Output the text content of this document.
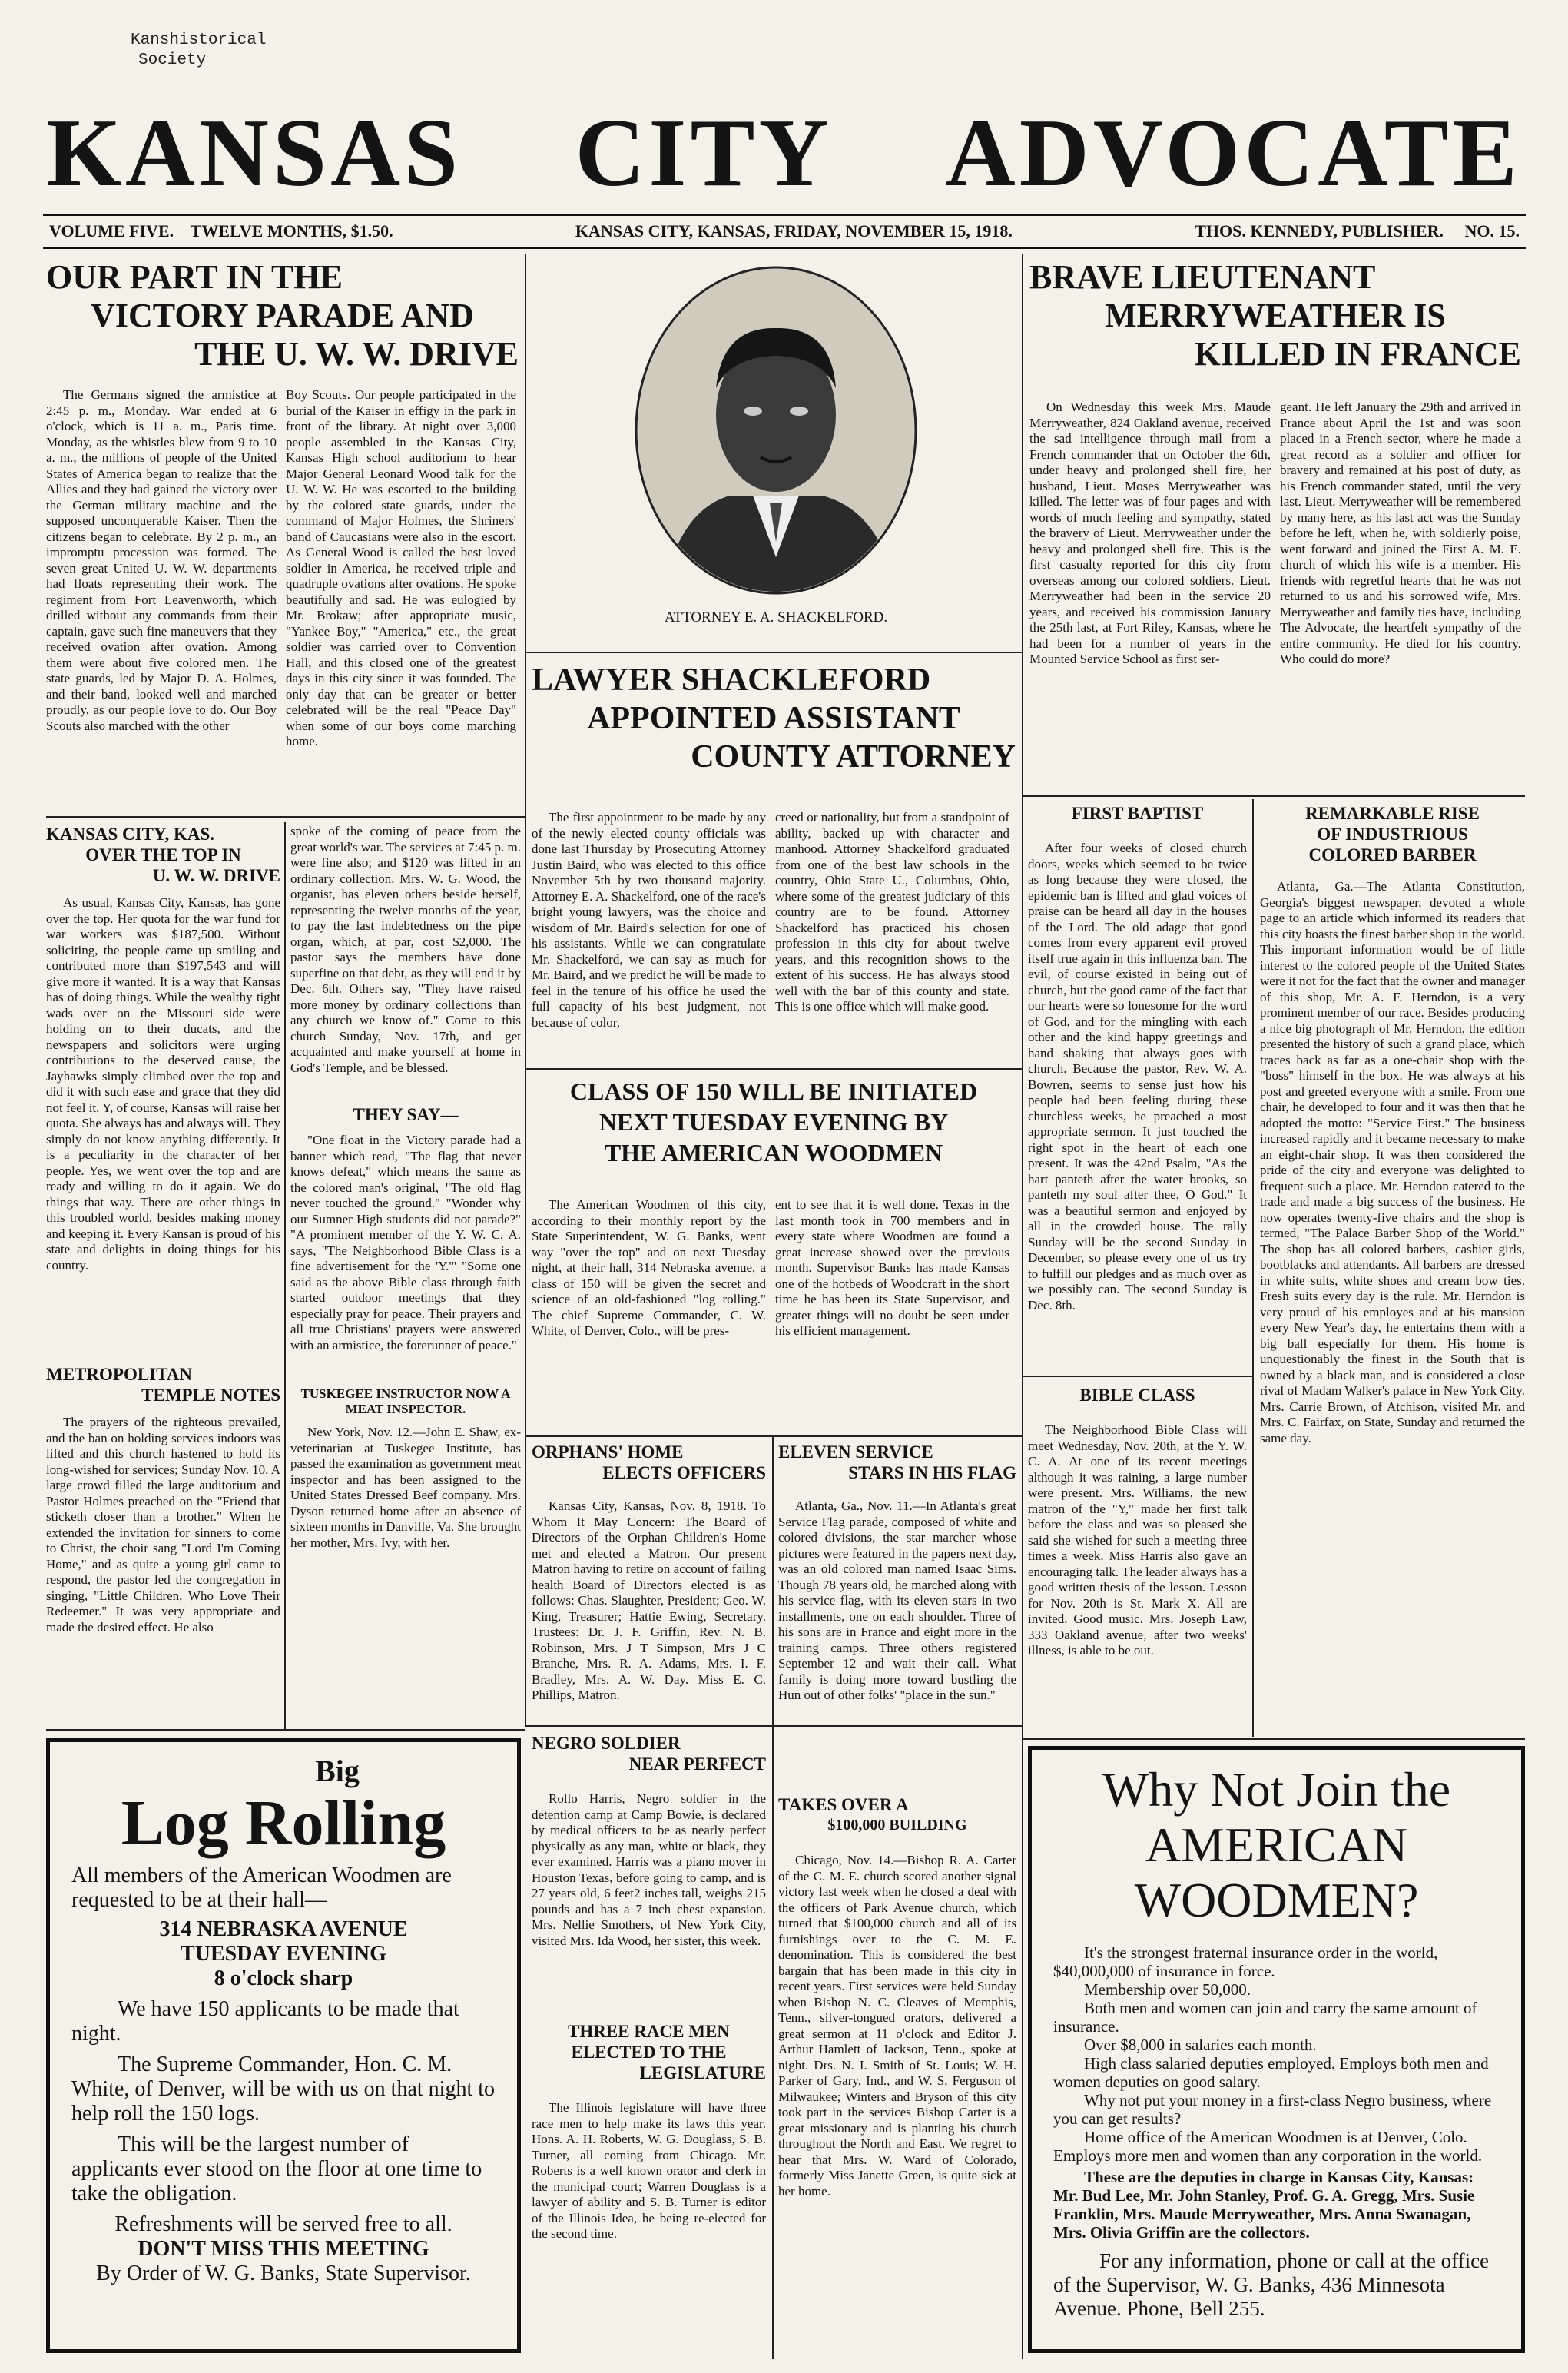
Kanshistorical
Society
KANSAS CITY ADVOCATE
VOLUME FIVE. TWELVE MONTHS, $1.50.	KANSAS CITY, KANSAS, FRIDAY, NOVEMBER 15, 1918.	THOS. KENNEDY, PUBLISHER. NO. 15.
OUR PART IN THE
VICTORY PARADE AND
THE U. W. W. DRIVE
The Germans signed the armistice at 2:45 p. m., Monday. War ended at 6 o'clock, which is 11 a. m., Paris time. Monday, as the whistles blew from 9 to 10 a. m., the millions of people of the United States of America began to realize that the Allies and they had gained the victory over the German military machine and the supposed unconquerable Kaiser. Then the citizens began to celebrate. By 2 p. m., an impromptu procession was formed. The seven great United U. W. W. departments had floats representing their work. The regiment from Fort Leavenworth, which drilled without any commands from their captain, gave such fine maneuvers that they received ovation after ovation. Among them were about five colored men. The state guards, led by Major D. A. Holmes, and their band, looked well and marched proudly, as our people love to do. Our Boy Scouts also marched with the other
Boy Scouts. Our people participated in the burial of the Kaiser in effigy in the park in front of the library. At night over 3,000 people assembled in the Kansas City, Kansas High school auditorium to hear Major General Leonard Wood talk for the U. W. W. He was escorted to the building by the colored state guards, under the command of Major Holmes, the Shriners' band of Caucasians were also in the escort. As General Wood is called the best loved soldier in America, he received triple and quadruple ovations after ovations. He spoke beautifully and sad. He was eulogied by Mr. Brokaw; after appropriate music, "Yankee Boy," "America," etc., the great soldier was carried over to Convention Hall, and this closed one of the greatest days in this city since it was founded. The only day that can be greater or better celebrated will be the real "Peace Day" when some of our boys come marching home.
ATTORNEY E. A. SHACKELFORD.
BRAVE LIEUTENANT
MERRYWEATHER IS
KILLED IN FRANCE
On Wednesday this week Mrs. Maude Merryweather, 824 Oakland avenue, received the sad intelligence through mail from a French commander that on October the 6th, under heavy and prolonged shell fire, her husband, Lieut. Moses Merryweather was killed. The letter was of four pages and with words of much feeling and sympathy, stated the bravery of Lieut. Merryweather under the heavy and prolonged shell fire. This is the first casualty reported for this city from overseas among our colored soldiers. Lieut. Merryweather had been in the service 20 years, and received his commission January the 25th last, at Fort Riley, Kansas, where he had been for a number of years in the Mounted Service School as first ser-
geant. He left January the 29th and arrived in France about April the 1st and was soon placed in a French sector, where he made a great record as a soldier and officer for bravery and remained at his post of duty, as his French commander stated, until the very last. Lieut. Merryweather will be remembered by many here, as his last act was the Sunday before he left, when he, with soldierly poise, went forward and joined the First A. M. E. church of which his wife is a member. His friends with regretful hearts that he was not returned to us and his sorrowed wife, Mrs. Merryweather and family ties have, including The Advocate, the heartfelt sympathy of the entire community. He died for his country. Who could do more?
KANSAS CITY, KAS.
OVER THE TOP IN
U. W. W. DRIVE
As usual, Kansas City, Kansas, has gone over the top. Her quota for the war fund for war workers was $187,500. Without soliciting, the people came up smiling and contributed more than $197,543 and will give more if wanted. It is a way that Kansas has of doing things. While the wealthy tight wads over on the Missouri side were holding on to their ducats, and the newspapers and solicitors were urging contributions to the deserved cause, the Jayhawks simply climbed over the top and did it with such ease and grace that they did not feel it. Y, of course, Kansas will raise her quota. She always has and always will. They simply do not know anything differently. It is a peculiarity in the character of her people. Yes, we went over the top and are ready and willing to do it again. We do things that way. There are other things in this troubled world, besides making money and keeping it. Every Kansan is proud of his state and delights in doing things for his country.
METROPOLITAN
TEMPLE NOTES
The prayers of the righteous prevailed, and the ban on holding services indoors was lifted and this church hastened to hold its long-wished for services; Sunday Nov. 10. A large crowd filled the large auditorium and Pastor Holmes preached on the "Friend that sticketh closer than a brother." When he extended the invitation for sinners to come to Christ, the choir sang "Lord I'm Coming Home," and as quite a young girl came to respond, the pastor led the congregation in singing, "Little Children, Who Love Their Redeemer." It was very appropriate and made the desired effect. He also
spoke of the coming of peace from the great world's war. The services at 7:45 p. m. were fine also; and $120 was lifted in an ordinary collection. Mrs. W. G. Wood, the organist, has eleven others beside herself, representing the twelve months of the year, to pay the last indebtedness on the pipe organ, which, at par, cost $2,000. The pastor says the members have done superfine on that debt, as they will end it by Dec. 6th. Others say, "They have raised more money by ordinary collections than any church we know of." Come to this church Sunday, Nov. 17th, and get acquainted and make yourself at home in God's Temple, and be blessed.
THEY SAY—
"One float in the Victory parade had a banner which read, "The flag that never knows defeat," which means the same as the colored man's original, "The old flag never touched the ground." "Wonder why our Sumner High students did not parade?" "A prominent member of the Y. W. C. A. says, "The Neighborhood Bible Class is a fine advertisement for the 'Y.'" "Some one said as the above Bible class through faith started outdoor meetings that they especially pray for peace. Their prayers and all true Christians' prayers were answered with an armistice, the forerunner of peace."
TUSKEGEE INSTRUCTOR NOW A
MEAT INSPECTOR.
New York, Nov. 12.—John E. Shaw, ex-veterinarian at Tuskegee Institute, has passed the examination as government meat inspector and has been assigned to the United States Dressed Beef company. Mrs. Dyson returned home after an absence of sixteen months in Danville, Va. She brought her mother, Mrs. Ivy, with her.
LAWYER SHACKLEFORD
APPOINTED ASSISTANT
COUNTY ATTORNEY
The first appointment to be made by any of the newly elected county officials was done last Thursday by Prosecuting Attorney Justin Baird, who was elected to this office November 5th by two thousand majority. Attorney E. A. Shackelford, one of the race's bright young lawyers, was the choice and wisdom of Mr. Baird's selection for one of his assistants. While we can congratulate Mr. Shackelford, we can say as much for Mr. Baird, and we predict he will be made to feel in the tenure of his office he used the full capacity of his best judgment, not because of color,
creed or nationality, but from a standpoint of ability, backed up with character and manhood. Attorney Shackelford graduated from one of the best law schools in the country, Ohio State U., Columbus, Ohio, where some of the greatest judiciary of this country are to be found. Attorney Shackelford has practiced his chosen profession in this city for about twelve years, and this recognition shows to the extent of his success. He has always stood well with the bar of this county and state. This is one office which will make good.
CLASS OF 150 WILL BE INITIATED
NEXT TUESDAY EVENING BY
THE AMERICAN WOODMEN
The American Woodmen of this city, according to their monthly report by the State Superintendent, W. G. Banks, went way "over the top" and on next Tuesday night, at their hall, 314 Nebraska avenue, a class of 150 will be given the secret and science of an old-fashioned "log rolling." The chief Supreme Commander, C. W. White, of Denver, Colo., will be pres-
ent to see that it is well done. Texas in the last month took in 700 members and in every state where Woodmen are found a great increase showed over the previous month. Supervisor Banks has made Kansas one of the hotbeds of Woodcraft in the short time he has been its State Supervisor, and greater things will no doubt be seen under his efficient management.
ORPHANS' HOME
ELECTS OFFICERS
Kansas City, Kansas, Nov. 8, 1918. To Whom It May Concern: The Board of Directors of the Orphan Children's Home met and elected a Matron. Our present Matron having to retire on account of failing health Board of Directors elected is as follows: Chas. Slaughter, President; Geo. W. King, Treasurer; Hattie Ewing, Secretary. Trustees: Dr. J. F. Griffin, Rev. N. B. Robinson, Mrs. J T Simpson, Mrs J C Branche, Mrs. R. A. Adams, Mrs. I. F. Bradley, Mrs. A. W. Day. Miss E. C. Phillips, Matron.
ELEVEN SERVICE
STARS IN HIS FLAG
Atlanta, Ga., Nov. 11.—In Atlanta's great Service Flag parade, composed of white and colored divisions, the star marcher whose pictures were featured in the papers next day, was an old colored man named Isaac Sims. Though 78 years old, he marched along with his service flag, with its eleven stars in two installments, one on each shoulder. Three of his sons are in France and eight more in the training camps. Three others registered September 12 and wait their call. What family is doing more toward bustling the Hun out of other folks' "place in the sun."
FIRST BAPTIST
After four weeks of closed church doors, weeks which seemed to be twice as long because they were closed, the epidemic ban is lifted and glad voices of praise can be heard all day in the houses of the Lord. The old adage that good comes from every apparent evil proved itself true again in this influenza ban. The evil, of course existed in being out of church, but the good came of the fact that our hearts were so lonesome for the word of God, and for the mingling with each other and the kind happy greetings and hand shaking that always goes with church. Because the pastor, Rev. W. A. Bowren, seems to sense just how his people had been feeling during these churchless weeks, he preached a most appropriate sermon. It just touched the right spot in the heart of each one present. It was the 42nd Psalm, "As the hart panteth after the water brooks, so panteth my soul after thee, O God." It was a beautiful sermon and enjoyed by all in the crowded house. The rally Sunday will be the second Sunday in December, so please every one of us try to fulfill our pledges and as much over as we possibly can. The second Sunday is Dec. 8th.
BIBLE CLASS
The Neighborhood Bible Class will meet Wednesday, Nov. 20th, at the Y. W. C. A. At one of its recent meetings although it was raining, a large number were present. Mrs. Williams, the new matron of the "Y," made her first talk before the class and was so pleased she said she wished for such a meeting three times a week. Miss Harris also gave an encouraging talk. The leader always has a good written thesis of the lesson. Lesson for Nov. 20th is St. Mark X. All are invited. Good music. Mrs. Joseph Law, 333 Oakland avenue, after two weeks' illness, is able to be out.
REMARKABLE RISE
OF INDUSTRIOUS
COLORED BARBER
Atlanta, Ga.—The Atlanta Constitution, Georgia's biggest newspaper, devoted a whole page to an article which informed its readers that this city boasts the finest barber shop in the world. This important information would be of little interest to the colored people of the United States were it not for the fact that the owner and manager of this shop, Mr. A. F. Herndon, is a very prominent member of our race. Besides producing a nice big photograph of Mr. Herndon, the edition presented the history of such a grand place, which traces back as far as a one-chair shop with the "boss" himself in the box. He was always at his post and greeted everyone with a smile. From one chair, he developed to four and it was then that he adopted the motto: "Service First." The business increased rapidly and it became necessary to make an eight-chair shop. It was then considered the pride of the city and everyone was delighted to frequent such a place. Mr. Herndon catered to the trade and made a big success of the business. He now operates twenty-five chairs and the shop is termed, "The Palace Barber Shop of the World." The shop has all colored barbers, cashier girls, bootblacks and attendants. All barbers are dressed in white suits, white shoes and cream bow ties. Fresh suits every day is the rule. Mr. Herndon is very proud of his employes and at his mansion every New Year's day, he entertains them with a big ball especially for them. His home is unquestionably the finest in the South that is owned by a black man, and is considered a close rival of Madam Walker's palace in New York City. Mrs. Carrie Brown, of Atchison, visited Mr. and Mrs. C. Fairfax, on State, Sunday and returned the same day.
Big
Log Rolling
All members of the American Woodmen are requested to be at their hall—
314 NEBRASKA AVENUE
TUESDAY EVENING
8 o'clock sharp
We have 150 applicants to be made that night.
The Supreme Commander, Hon. C. M. White, of Denver, will be with us on that night to help roll the 150 logs.
This will be the largest number of applicants ever stood on the floor at one time to take the obligation.
Refreshments will be served free to all.
DON'T MISS THIS MEETING
By Order of W. G. Banks, State Supervisor.
NEGRO SOLDIER
NEAR PERFECT
Rollo Harris, Negro soldier in the detention camp at Camp Bowie, is declared by medical officers to be as nearly perfect physically as any man, white or black, they ever examined. Harris was a piano mover in Houston Texas, before going to camp, and is 27 years old, 6 feet2 inches tall, weighs 215 pounds and has a 7 inch chest expansion. Mrs. Nellie Smothers, of New York City, visited Mrs. Ida Wood, her sister, this week.
THREE RACE MEN
ELECTED TO THE
LEGISLATURE
The Illinois legislature will have three race men to help make its laws this year. Hons. A. H. Roberts, W. G. Douglass, S. B. Turner, all coming from Chicago. Mr. Roberts is a well known orator and clerk in the municipal court; Warren Douglass is a lawyer of ability and S. B. Turner is editor of the Illinois Idea, he being re-elected for the second time.
TAKES OVER A
$100,000 BUILDING
Chicago, Nov. 14.—Bishop R. A. Carter of the C. M. E. church scored another signal victory last week when he closed a deal with the officers of Park Avenue church, which turned that $100,000 church and all of its furnishings over to the C. M. E. denomination. This is considered the best bargain that has been made in this city in recent years. First services were held Sunday when Bishop N. C. Cleaves of Memphis, Tenn., silver-tongued orators, delivered a great sermon at 11 o'clock and Editor J. Arthur Hamlett of Jackson, Tenn., spoke at night. Drs. N. I. Smith of St. Louis; W. H. Parker of Gary, Ind., and W. S, Ferguson of Milwaukee; Winters and Bryson of this city took part in the services Bishop Carter is a great missionary and is planting his church throughout the North and East. We regret to hear that Mrs. W. Ward of Colorado, formerly Miss Janette Green, is quite sick at her home.
Why Not Join the
AMERICAN
WOODMEN?
It's the strongest fraternal insurance order in the world, $40,000,000 of insurance in force.
Membership over 50,000.
Both men and women can join and carry the same amount of insurance.
Over $8,000 in salaries each month.
High class salaried deputies employed. Employs both men and women deputies on good salary.
Why not put your money in a first-class Negro business, where you can get results?
Home office of the American Woodmen is at Denver, Colo. Employs more men and women than any corporation in the world.
These are the deputies in charge in Kansas City, Kansas: Mr. Bud Lee, Mr. John Stanley, Prof. G. A. Gregg, Mrs. Susie Franklin, Mrs. Maude Merryweather, Mrs. Anna Swanagan, Mrs. Olivia Griffin are the collectors.
For any information, phone or call at the office of the Supervisor, W. G. Banks, 436 Minnesota Avenue. Phone, Bell 255.
